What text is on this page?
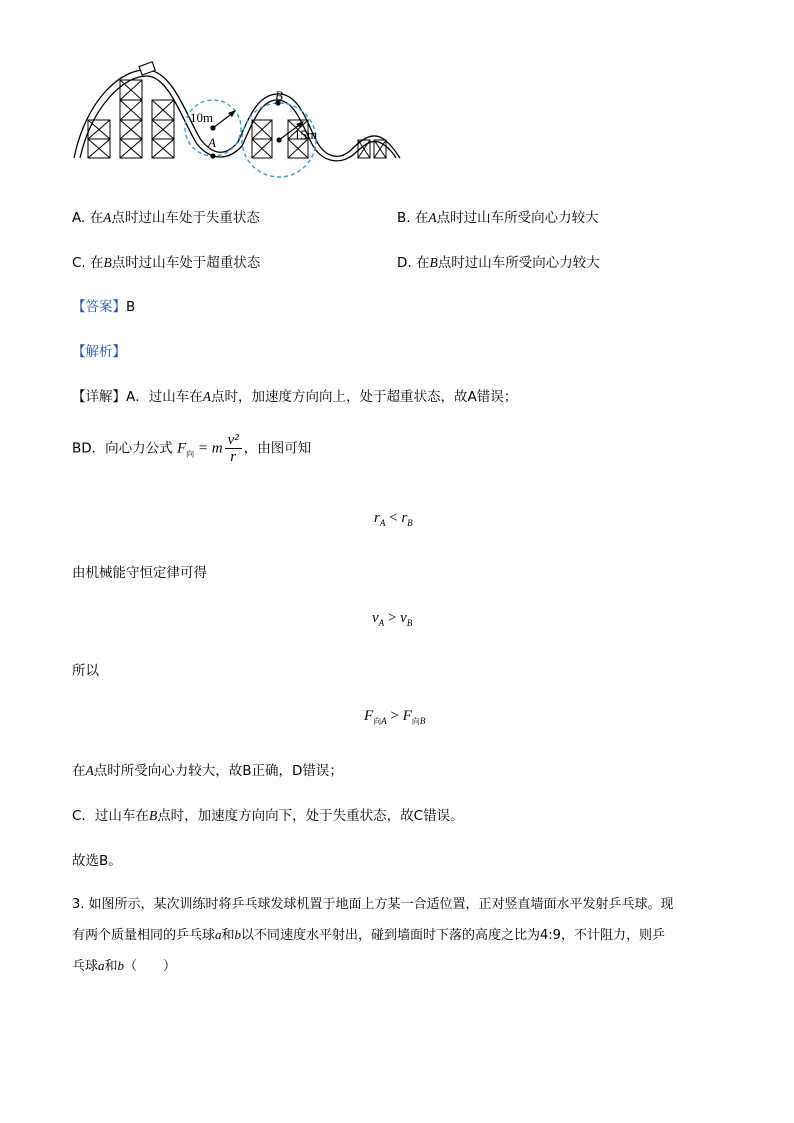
B
A
10m
15m
A. 在A点时过山车处于失重状态	B. 在A点时过山车所受向心力较大
C. 在B点时过山车处于超重状态	D. 在B点时过山车所受向心力较大
【答案】B
【解析】
【详解】A．过山车在A点时，加速度方向向上，处于超重状态，故A错误；
BD．向心力公式 $F_向 = m \frac{\text{v²}}{r}$ ，由图可知
$r_A < r_B$
由机械能守恒定律可得
$v_A > v_B$
所以
$F_{向A} > F_{向B}$
在A点时所受向心力较大，故B正确，D错误；
C．过山车在B点时，加速度方向向下，处于失重状态，故C错误。
故选B。
3. 如图所示，某次训练时将乒乓球发球机置于地面上方某一合适位置，正对竖直墙面水平发射乒乓球。现
有两个质量相同的乒乓球a和b以不同速度水平射出，碰到墙面时下落的高度之比为4:9，不计阻力，则乒
乓球a和b（　　）
